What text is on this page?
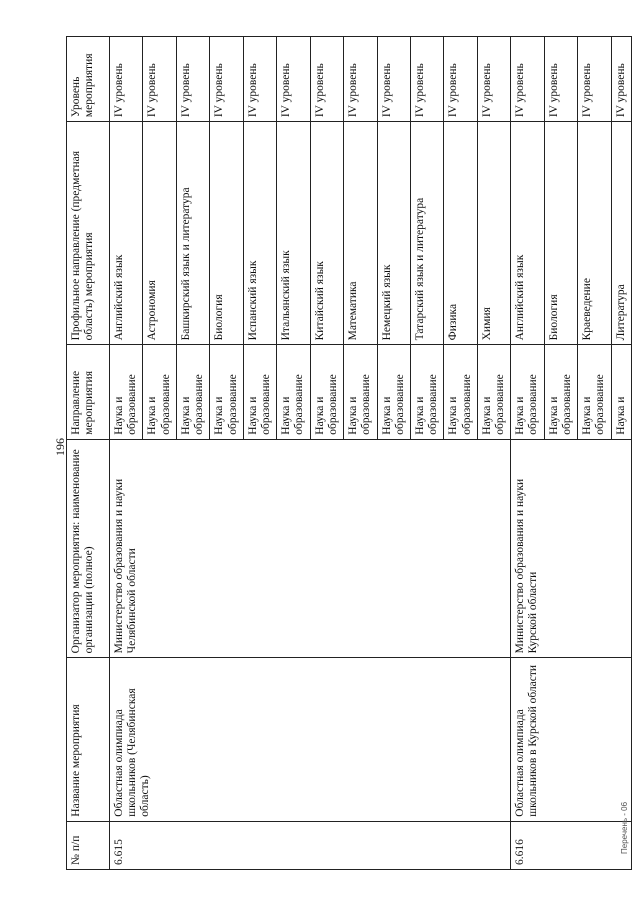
196
№ п/п	Название мероприятия	Организатор мероприятия: наименование организации (полное)	Направление мероприятия	Профильное направление (предметная область) мероприятия	Уровень мероприятия
6.615	Областная олимпиада школьников (Челябинская область)	Министерство образования и науки Челябинской области	Наука и образование	Английский язык	IV уровень
			Наука и образование	Астрономия	IV уровень
			Наука и образование	Башкирский язык и литература	IV уровень
			Наука и образование	Биология	IV уровень
			Наука и образование	Испанский язык	IV уровень
			Наука и образование	Итальянский язык	IV уровень
			Наука и образование	Китайский язык	IV уровень
			Наука и образование	Математика	IV уровень
			Наука и образование	Немецкий язык	IV уровень
			Наука и образование	Татарский язык и литература	IV уровень
			Наука и образование	Физика	IV уровень
			Наука и образование	Химия	IV уровень
6.616	Областная олимпиада школьников в Курской области	Министерство образования и науки Курской области	Наука и образование	Английский язык	IV уровень
			Наука и образование	Биология	IV уровень
			Наука и образование	Краеведение	IV уровень
			Наука и	Литература	IV уровень
Перечень - 06
